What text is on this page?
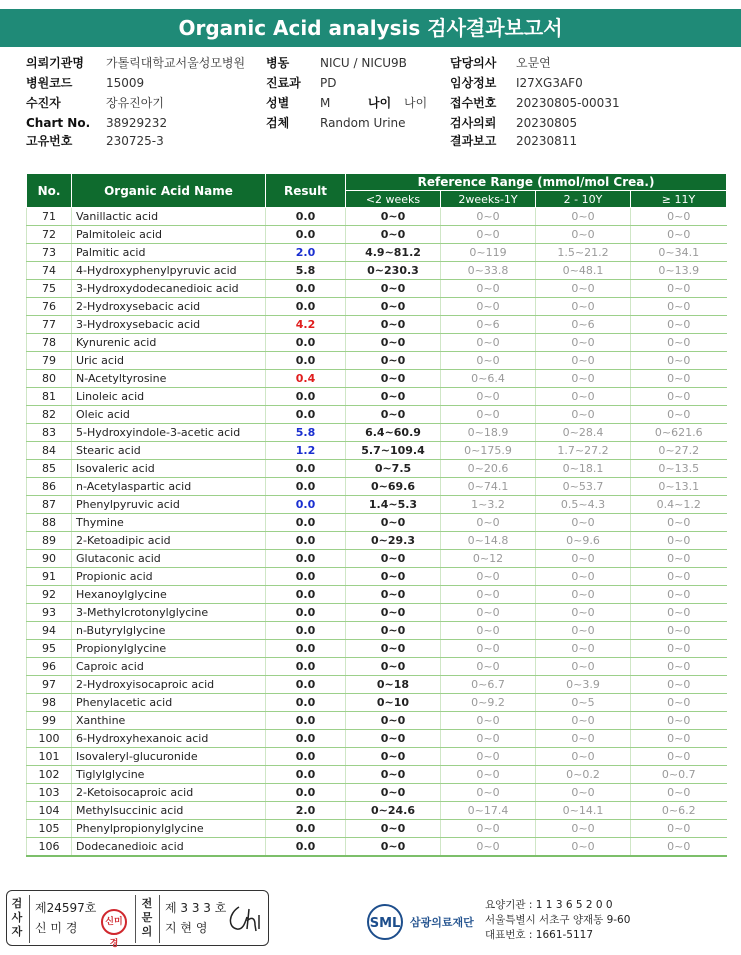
Organic Acid analysis 검사결과보고서
의뢰기관명 가톨릭대학교서울성모병원
병원코드	15009
수진자	장유진아기
Chart No. 38929232
고유번호	230725-3
병동	NICU / NICU9B
진료과 PD
성별	M	나이 나이
검체	Random Urine
담당의사 오문연
임상정보 I27XG3AF0
접수번호 20230805-00031
검사의뢰 20230805
결과보고 20230811
No.	Organic Acid Name	Result	Reference Range (mmol/mol Crea.)			
			<2 weeks	2weeks-1Y	2 - 10Y	≥ 11Y
71	Vanillactic acid	0.0	0~0	0~0	0~0	0~0
72	Palmitoleic acid	0.0	0~0	0~0	0~0	0~0
73	Palmitic acid	2.0	4.9~81.2	0~119	1.5~21.2	0~34.1
74	4-Hydroxyphenylpyruvic acid	5.8	0~230.3	0~33.8	0~48.1	0~13.9
75	3-Hydroxydodecanedioic acid	0.0	0~0	0~0	0~0	0~0
76	2-Hydroxysebacic acid	0.0	0~0	0~0	0~0	0~0
77	3-Hydroxysebacic acid	4.2	0~0	0~6	0~6	0~0
78	Kynurenic acid	0.0	0~0	0~0	0~0	0~0
79	Uric acid	0.0	0~0	0~0	0~0	0~0
80	N-Acetyltyrosine	0.4	0~0	0~6.4	0~0	0~0
81	Linoleic acid	0.0	0~0	0~0	0~0	0~0
82	Oleic acid	0.0	0~0	0~0	0~0	0~0
83	5-Hydroxyindole-3-acetic acid	5.8	6.4~60.9	0~18.9	0~28.4	0~621.6
84	Stearic acid	1.2	5.7~109.4	0~175.9	1.7~27.2	0~27.2
85	Isovaleric acid	0.0	0~7.5	0~20.6	0~18.1	0~13.5
86	n-Acetylaspartic acid	0.0	0~69.6	0~74.1	0~53.7	0~13.1
87	Phenylpyruvic acid	0.0	1.4~5.3	1~3.2	0.5~4.3	0.4~1.2
88	Thymine	0.0	0~0	0~0	0~0	0~0
89	2-Ketoadipic acid	0.0	0~29.3	0~14.8	0~9.6	0~0
90	Glutaconic acid	0.0	0~0	0~12	0~0	0~0
91	Propionic acid	0.0	0~0	0~0	0~0	0~0
92	Hexanoylglycine	0.0	0~0	0~0	0~0	0~0
93	3-Methylcrotonylglycine	0.0	0~0	0~0	0~0	0~0
94	n-Butyrylglycine	0.0	0~0	0~0	0~0	0~0
95	Propionylglycine	0.0	0~0	0~0	0~0	0~0
96	Caproic acid	0.0	0~0	0~0	0~0	0~0
97	2-Hydroxyisocaproic acid	0.0	0~18	0~6.7	0~3.9	0~0
98	Phenylacetic acid	0.0	0~10	0~9.2	0~5	0~0
99	Xanthine	0.0	0~0	0~0	0~0	0~0
100	6-Hydroxyhexanoic acid	0.0	0~0	0~0	0~0	0~0
101	Isovaleryl-glucuronide	0.0	0~0	0~0	0~0	0~0
102	Tiglylglycine	0.0	0~0	0~0	0~0.2	0~0.7
103	2-Ketoisocaproic acid	0.0	0~0	0~0	0~0	0~0
104	Methylsuccinic acid	2.0	0~24.6	0~17.4	0~14.1	0~6.2
105	Phenylpropionylglycine	0.0	0~0	0~0	0~0	0~0
106	Dodecanedioic acid	0.0	0~0	0~0	0~0	0~0
검사자
제24597호
신 미 경	신미경
전문의
제 3 3 3 호
지 현 영	SML 삼광의료재단
요양기관 : 1 1 3 6 5 2 0 0
서울특별시 서초구 양재동 9-60
대표번호 : 1661-5117
